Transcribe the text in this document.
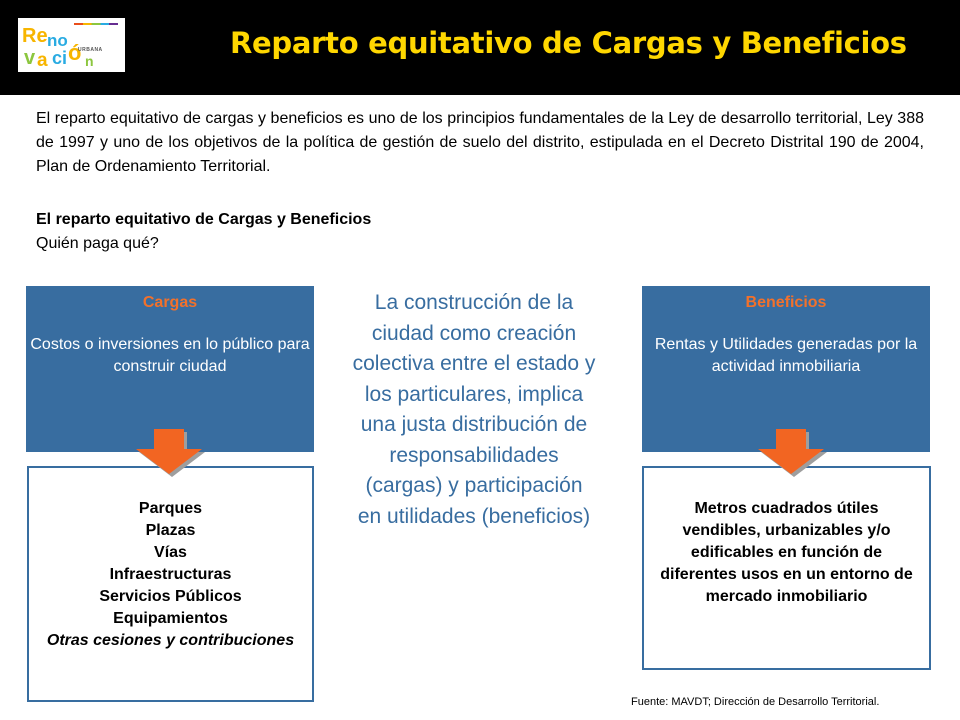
Re no
v a ci ó n
URBANA	Reparto equitativo de Cargas y Beneficios

El reparto equitativo de cargas y beneficios es uno de los principios fundamentales de la Ley de desarrollo territorial, Ley 388 de 1997 y uno de los objetivos de la política de gestión de suelo del distrito, estipulada en el Decreto Distrital 190 de 2004, Plan de Ordenamiento Territorial.

El reparto equitativo de Cargas y Beneficios
Quién paga qué?
Cargas
Costos o inversiones en lo público para construir ciudad
Parques
Plazas
Vías
Infraestructuras
Servicios Públicos
Equipamientos
Otras cesiones y contribuciones
Beneficios
Rentas y Utilidades generadas por la actividad inmobiliaria
Metros cuadrados útiles vendibles, urbanizables y/o edificables en función de diferentes usos en un entorno de mercado inmobiliario
La construcción de la ciudad como creación colectiva entre el estado y los particulares, implica una justa distribución de responsabilidades (cargas) y participación en utilidades (beneficios)
Fuente: MAVDT; Dirección de Desarrollo Territorial.
